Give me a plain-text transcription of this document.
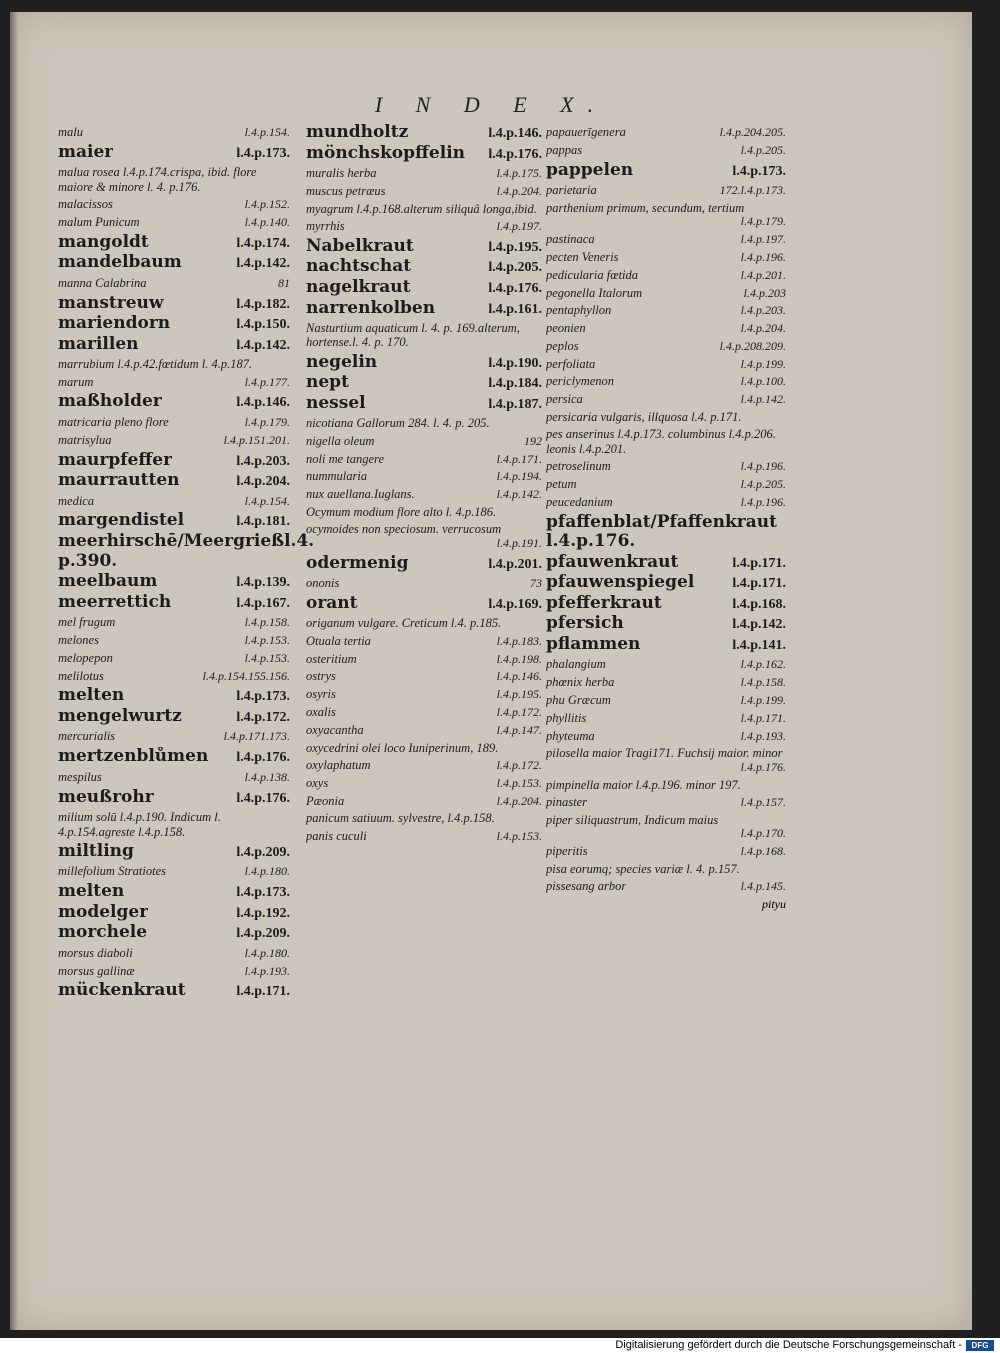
I N D E X.
malu	l.4.p.154.
maier	l.4.p.173.
malua rosea l.4.p.174.crispa, ibid. flore maiore & minore l. 4. p.176.
malacissos	l.4.p.152.
malum Punicum	l.4.p.140.
mangoldt	l.4.p.174.
mandelbaum	l.4.p.142.
manna Calabrina	81
manstreuw	l.4.p.182.
mariendorn	l.4.p.150.
marillen	l.4.p.142.
marrubium l.4.p.42.fœtidum l. 4.p.187.
marum	l.4.p.177.
maßholder	l.4.p.146.
matricaria pleno flore	l.4.p.179.
matrisylua	l.4.p.151.201.
maurpfeffer	l.4.p.203.
maurrautten	l.4.p.204.
medica	l.4.p.154.
margendistel	l.4.p.181.
meerhirschē/Meergrießl.4. p.390.
meelbaum	l.4.p.139.
meerrettich	l.4.p.167.
mel frugum	l.4.p.158.
melones	l.4.p.153.
melopepon	l.4.p.153.
melilotus	l.4.p.154.155.156.
melten	l.4.p.173.
mengelwurtz	l.4.p.172.
mercurialis	l.4.p.171.173.
mertzenblůmen l.4.p.176.
mespilus	l.4.p.138.
meußrohr	l.4.p.176.
milium solū l.4.p.190. Indicum l. 4.p.154.agreste l.4.p.158.
miltling	l.4.p.209.
millefolium Stratiotes	l.4.p.180.
melten	l.4.p.173.
modelger	l.4.p.192.
morchele	l.4.p.209.
morsus diaboli	l.4.p.180.
morsus gallinæ	l.4.p.193.
mückenkraut	l.4.p.171.
mundholtz	l.4.p.146.
mönchskopffelin l.4.p.176.
muralis herba	l.4.p.175.
muscus petræus	l.4.p.204.
myagrum l.4.p.168.alterum siliquâ longa,ibid.
myrrhis	l.4.p.197.
Nabelkraut	l.4.p.195.
nachtschat	l.4.p.205.
nagelkraut	l.4.p.176.
narrenkolben	l.4.p.161.
Nasturtium aquaticum l. 4. p. 169.alterum, hortense.l. 4. p. 170.
negelin	l.4.p.190.
nept	l.4.p.184.
nessel	l.4.p.187.
nicotiana Gallorum 284. l. 4. p. 205.
nigella oleum	192
noli me tangere	l.4.p.171.
nummularia	l.4.p.194.
nux auellana.Iuglans.	l.4.p.142.
Ocymum modium flore alto l. 4.p.186.
ocymoides non speciosum. verrucosum
l.4.p.191.
odermenig	l.4.p.201.
ononis	73
orant	l.4.p.169.
origanum vulgare. Creticum l.4. p.185.
Otuala tertia	l.4.p.183.
osteritium	l.4.p.198.
ostrys	l.4.p.146.
osyris	l.4.p.195.
oxalis	l.4.p.172.
oxyacantha	l.4.p.147.
oxycedrini olei loco Iuniperinum, 189.
oxylaphatum	l.4.p.172.
oxys	l.4.p.153.
Pæonia	l.4.p.204.
panicum satiuum. sylvestre, l.4.p.158.
panis cuculi	l.4.p.153.
papauerīgenera	l.4.p.204.205.
pappas	l.4.p.205.
pappelen	l.4.p.173.
parietaria	172.l.4.p.173.
parthenium primum, secundum, tertium
l.4.p.179.
pastinaca	l.4.p.197.
pecten Veneris	l.4.p.196.
pedicularia fœtida	l.4.p.201.
pegonella Italorum	l.4.p.203
pentaphyllon	l.4.p.203.
peonien	l.4.p.204.
peplos	l.4.p.208.209.
perfoliata	l.4.p.199.
periclymenon	l.4.p.100.
persica	l.4.p.142.
persicaria vulgaris, illquosa l.4. p.171.
pes anserinus l.4.p.173. columbinus l.4.p.206. leonis l.4.p.201.
petroselinum	l.4.p.196.
petum	l.4.p.205.
peucedanium	l.4.p.196.
pfaffenblat/Pfaffenkraut l.4.p.176.
pfauwenkraut	l.4.p.171.
pfauwenspiegel	l.4.p.171.
pfefferkraut	l.4.p.168.
pfersich	l.4.p.142.
pflammen	l.4.p.141.
phalangium	l.4.p.162.
phœnix herba	l.4.p.158.
phu Græcum	l.4.p.199.
phyllitis	l.4.p.171.
phyteuma	l.4.p.193.
pilosella maior Tragi171. Fuchsij maior. minor
l.4.p.176.
pimpinella maior l.4.p.196. minor 197.
pinaster	l.4.p.157.
piper siliquastrum, Indicum maius
l.4.p.170.
piperitis	l.4.p.168.
pisa eorumq; species variæ l. 4. p.157.
pissesang arbor	l.4.p.145.
pityu
Digitalisierung gefördert durch die Deutsche Forschungsgemeinschaft -	DFG
